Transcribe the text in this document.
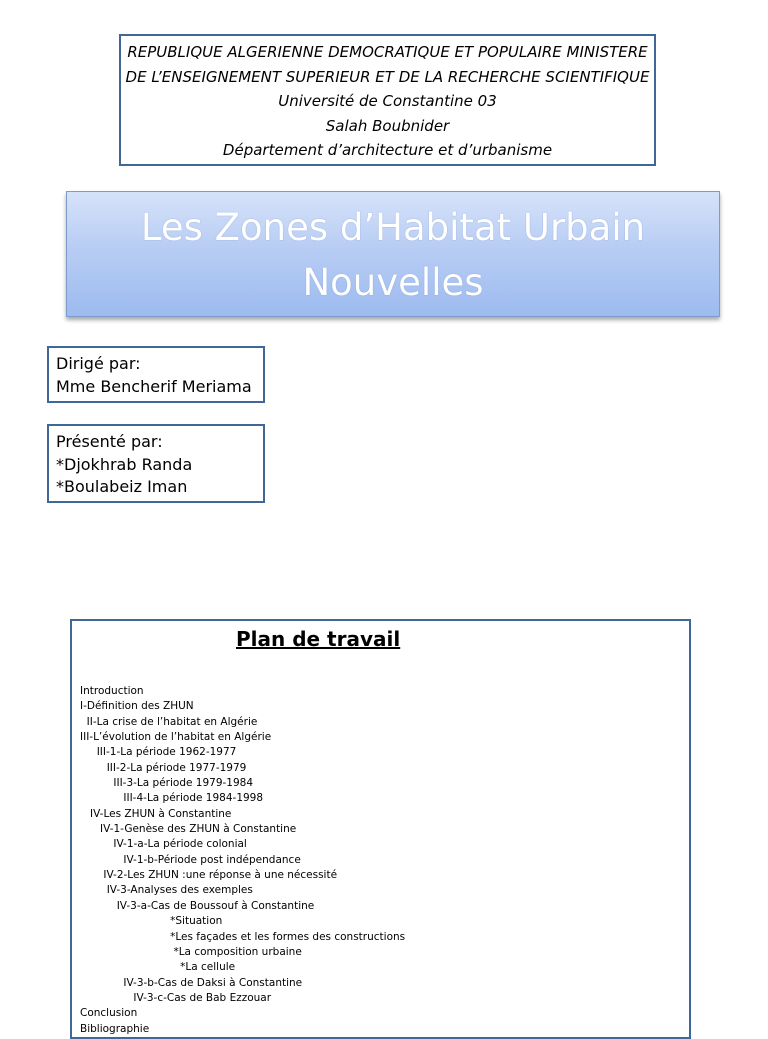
REPUBLIQUE ALGERIENNE DEMOCRATIQUE ET POPULAIRE MINISTERE
DE L’ENSEIGNEMENT SUPERIEUR ET DE LA RECHERCHE SCIENTIFIQUE
Université de Constantine 03
Salah Boubnider
Département d’architecture et d’urbanisme
Les Zones d’Habitat Urbain
Nouvelles
Dirigé par:
Mme Bencherif Meriama
Présenté par:
*Djokhrab Randa
*Boulabeiz Iman
Plan de travail
Introduction
I-Définition des ZHUN
II-La crise de l’habitat en Algérie
III-L’évolution de l’habitat en Algérie
III-1-La période 1962-1977
III-2-La période 1977-1979
III-3-La période 1979-1984
III-4-La période 1984-1998
IV-Les ZHUN à Constantine
IV-1-Genèse des ZHUN à Constantine
IV-1-a-La période colonial
IV-1-b-Période post indépendance
IV-2-Les ZHUN :une réponse à une nécessité
IV-3-Analyses des exemples
IV-3-a-Cas de Boussouf à Constantine
*Situation
*Les façades et les formes des constructions
*La composition urbaine
*La cellule
IV-3-b-Cas de Daksi à Constantine
IV-3-c-Cas de Bab Ezzouar
Conclusion
Bibliographie
